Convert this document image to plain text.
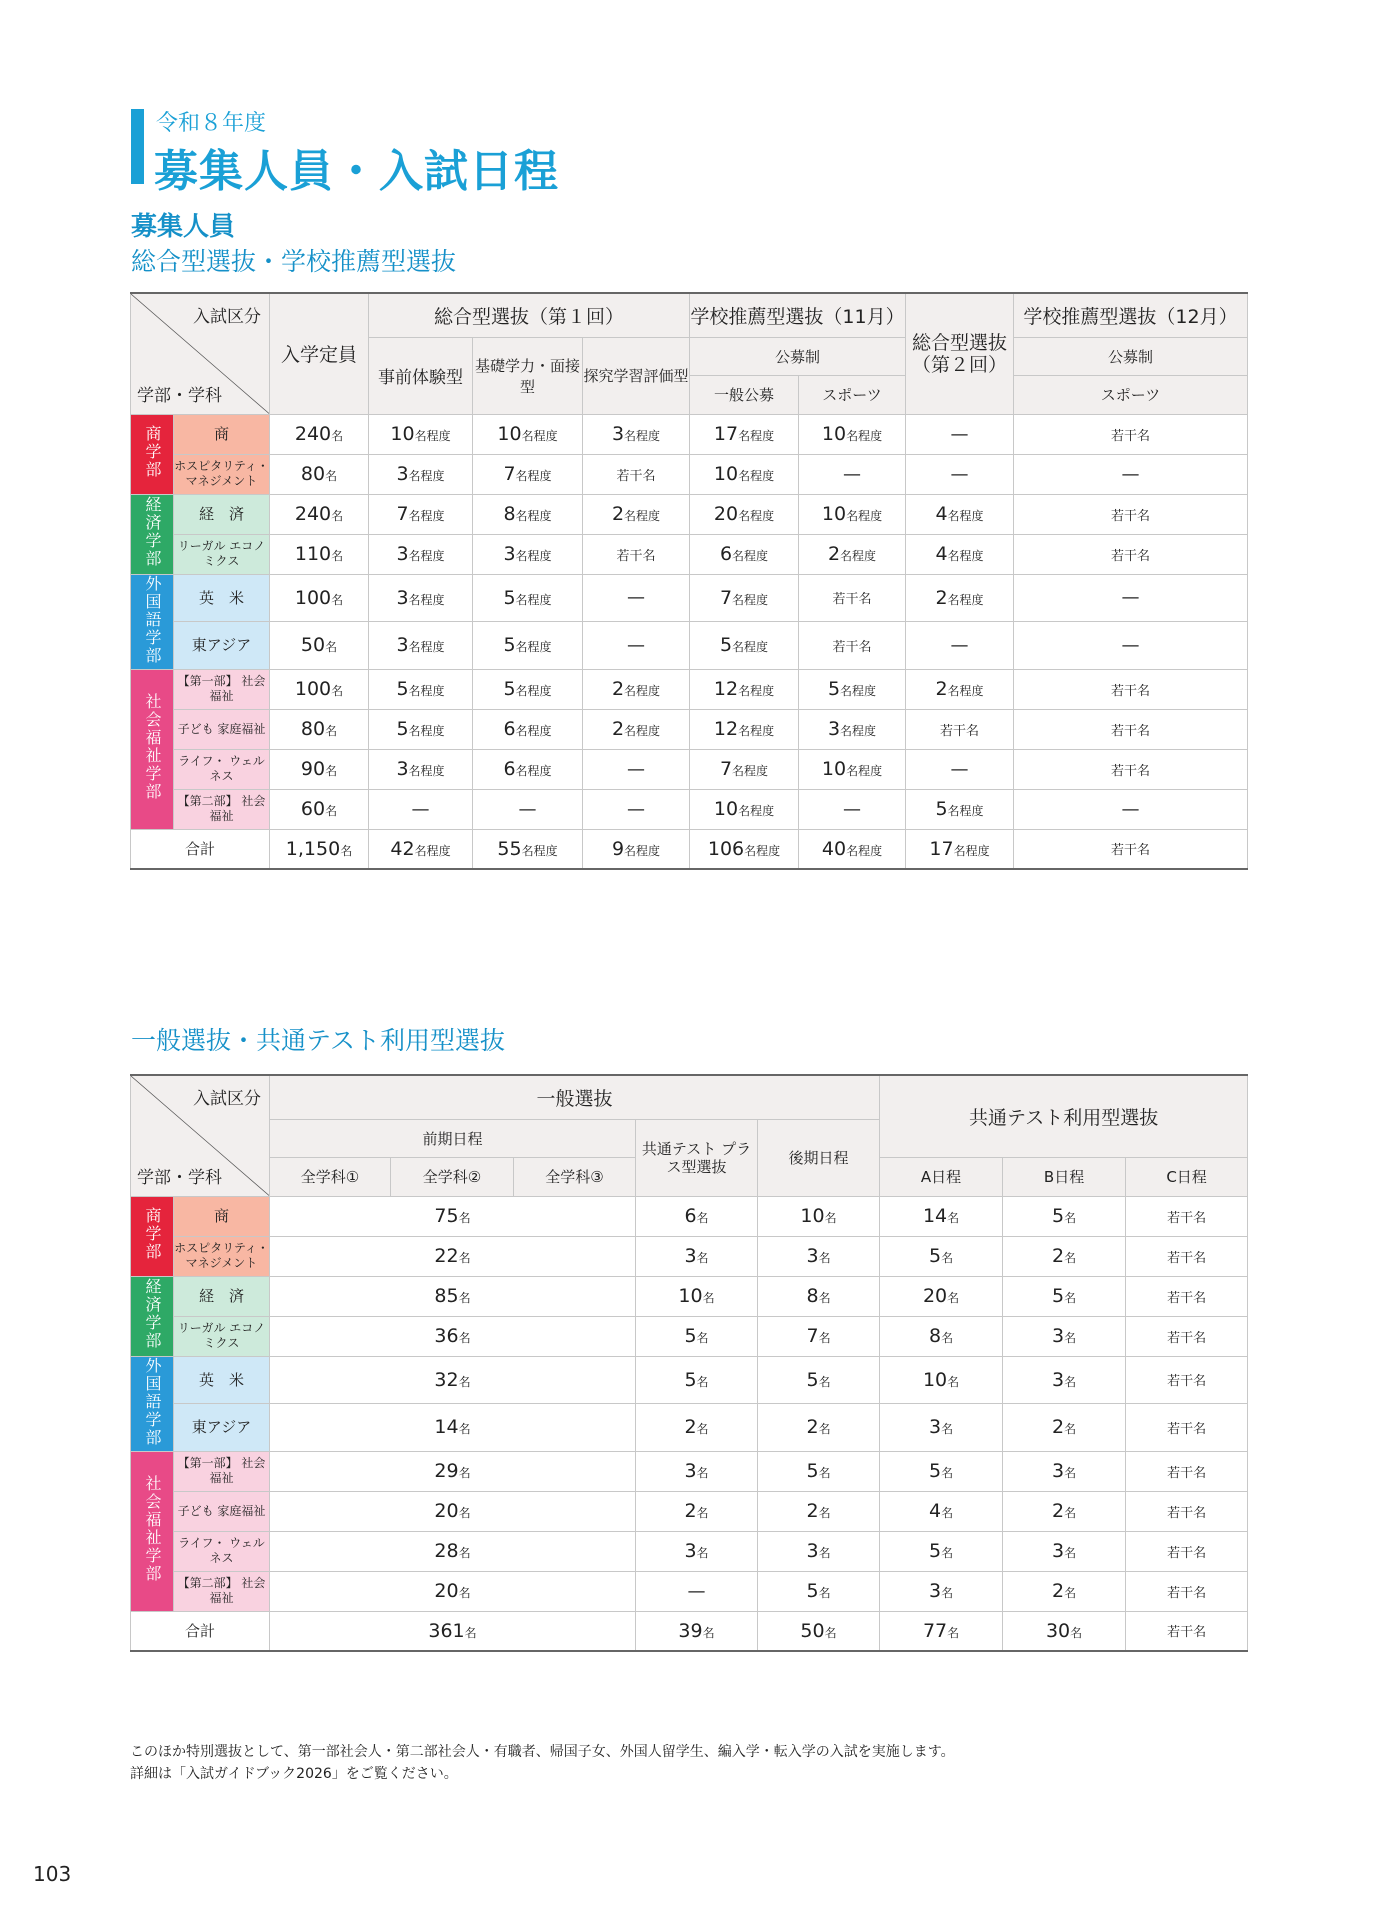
令和８年度
募集人員・入試日程
募集人員
総合型選抜・学校推薦型選抜
入試区分
学部・学科		入学定員	総合型選抜（第１回）			学校推薦型選抜（11月）		総合型選抜（第２回）	学校推薦型選抜（12月）
			事前体験型	基礎学力・面接型	探究学習評価型	公募制			公募制
						一般公募	スポーツ		スポーツ
商学部	商	240名	10名程度	10名程度	3名程度	17名程度	10名程度	—	若干名
	ホスピタリティ・マネジメント	80名	3名程度	7名程度	若干名	10名程度	—	—	—
経済学部	経　済	240名	7名程度	8名程度	2名程度	20名程度	10名程度	4名程度	若干名
	リーガル エコノミクス	110名	3名程度	3名程度	若干名	6名程度	2名程度	4名程度	若干名
外国語学部	英　米	100名	3名程度	5名程度	—	7名程度	若干名	2名程度	—
	東アジア	50名	3名程度	5名程度	—	5名程度	若干名	—	—
社会福祉学部	【第一部】 社会福祉	100名	5名程度	5名程度	2名程度	12名程度	5名程度	2名程度	若干名
	子ども 家庭福祉	80名	5名程度	6名程度	2名程度	12名程度	3名程度	若干名	若干名
	ライフ・ ウェルネス	90名	3名程度	6名程度	—	7名程度	10名程度	—	若干名
	【第二部】 社会福祉	60名	—	—	—	10名程度	—	5名程度	—
合計		1,150名	42名程度	55名程度	9名程度	106名程度	40名程度	17名程度	若干名
一般選抜・共通テスト利用型選抜
入試区分
学部・学科		一般選抜					共通テスト利用型選抜		
		前期日程			共通テスト プラス型選抜	後期日程			
		全学科①	全学科②	全学科③			A日程	B日程	C日程
商学部	商	75名			6名	10名	14名	5名	若干名
	ホスピタリティ・マネジメント	22名			3名	3名	5名	2名	若干名
経済学部	経　済	85名			10名	8名	20名	5名	若干名
	リーガル エコノミクス	36名			5名	7名	8名	3名	若干名
外国語学部	英　米	32名			5名	5名	10名	3名	若干名
	東アジア	14名			2名	2名	3名	2名	若干名
社会福祉学部	【第一部】 社会福祉	29名			3名	5名	5名	3名	若干名
	子ども 家庭福祉	20名			2名	2名	4名	2名	若干名
	ライフ・ ウェルネス	28名			3名	3名	5名	3名	若干名
	【第二部】 社会福祉	20名			—	5名	3名	2名	若干名
合計		361名			39名	50名	77名	30名	若干名
このほか特別選抜として、第一部社会人・第二部社会人・有職者、帰国子女、外国人留学生、編入学・転入学の入試を実施します。
詳細は「入試ガイドブック2026」をご覧ください。
103
